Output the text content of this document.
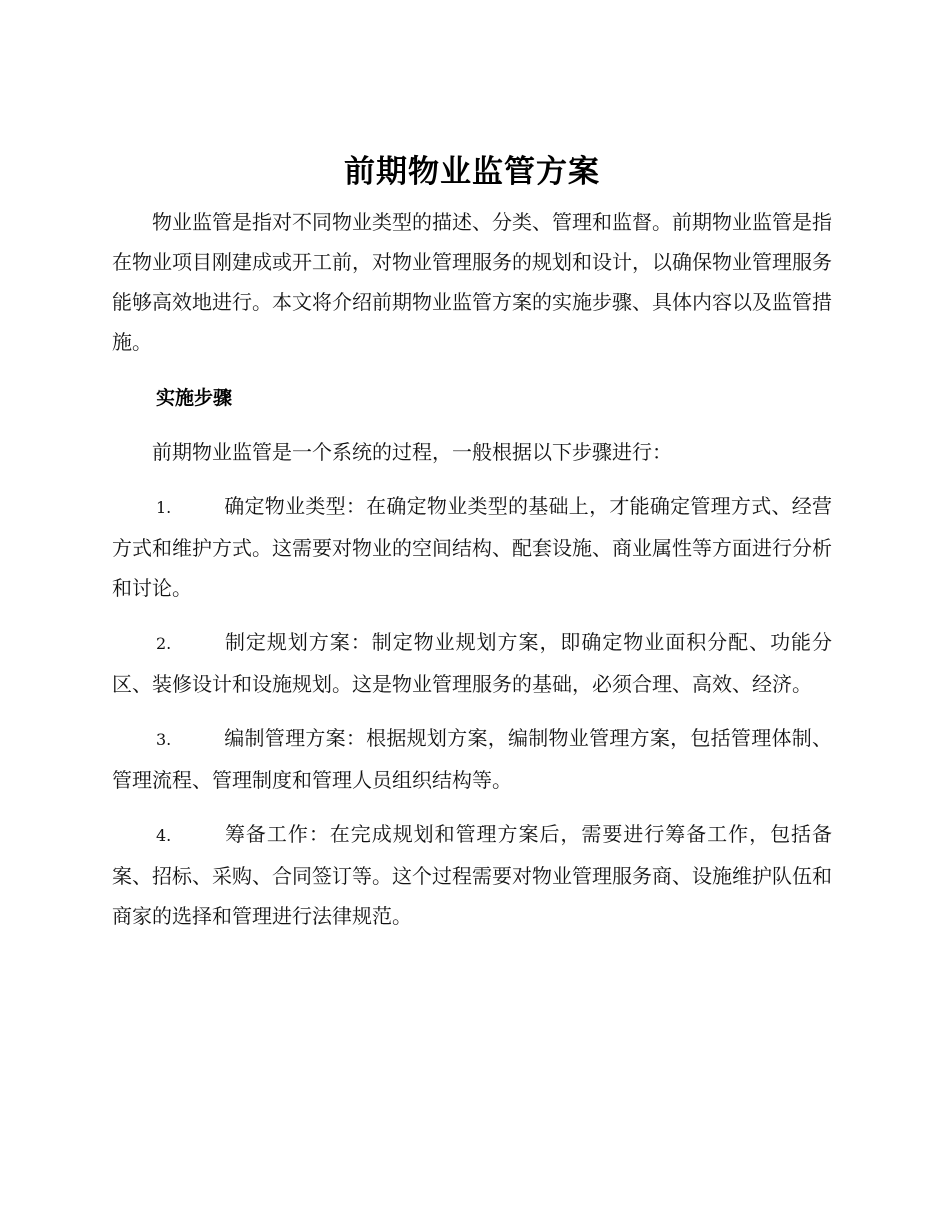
前期物业监管方案

物业监管是指对不同物业类型的描述、分类、管理和监督。前期物业监管是指在物业项目刚建成或开工前，对物业管理服务的规划和设计，以确保物业管理服务能够高效地进行。本文将介绍前期物业监管方案的实施步骤、具体内容以及监管措施。

实施步骤

前期物业监管是一个系统的过程，一般根据以下步骤进行：

1.	确定物业类型：在确定物业类型的基础上，才能确定管理方式、经营方式和维护方式。这需要对物业的空间结构、配套设施、商业属性等方面进行分析和讨论。

2.	制定规划方案：制定物业规划方案，即确定物业面积分配、功能分区、装修设计和设施规划。这是物业管理服务的基础，必须合理、高效、经济。

3.	编制管理方案：根据规划方案，编制物业管理方案，包括管理体制、管理流程、管理制度和管理人员组织结构等。

4.	筹备工作：在完成规划和管理方案后，需要进行筹备工作，包括备案、招标、采购、合同签订等。这个过程需要对物业管理服务商、设施维护队伍和商家的选择和管理进行法律规范。
